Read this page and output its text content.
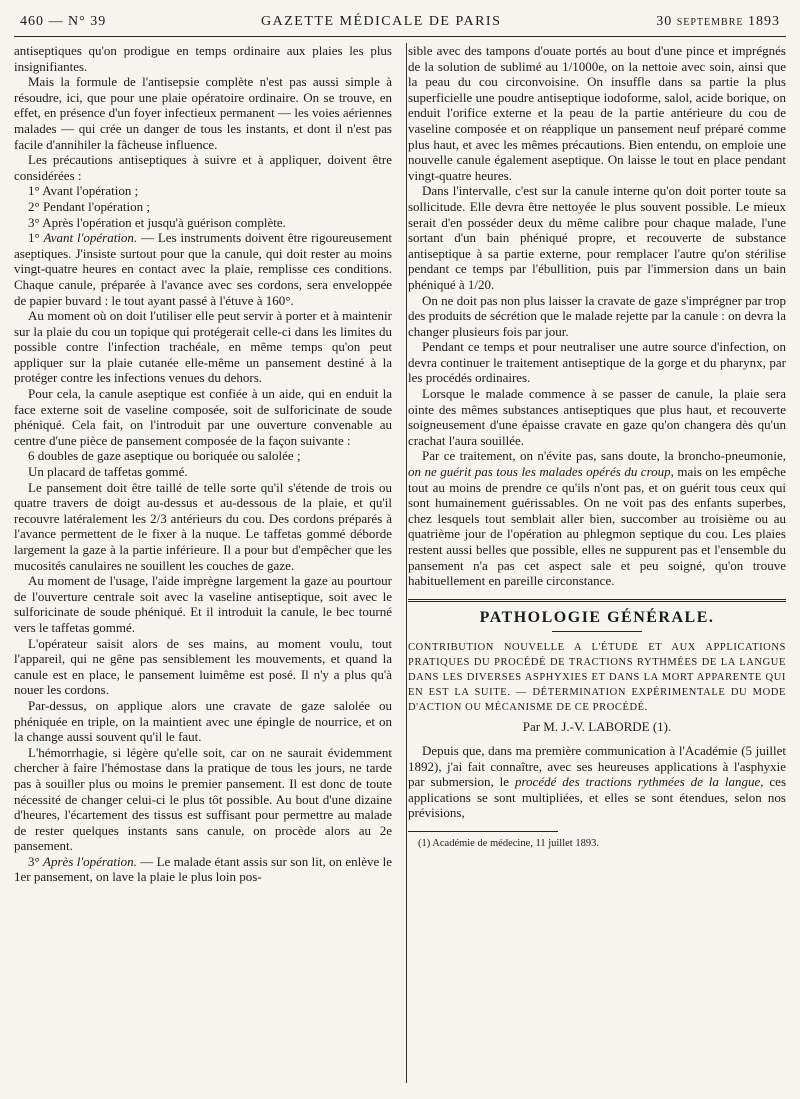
460 — N° 39	GAZETTE MÉDICALE DE PARIS	30 SEPTEMBRE 1893

antiseptiques qu'on prodigue en temps ordinaire aux plaies les plus insignifiantes.

Mais la formule de l'antisepsie complète n'est pas aussi simple à résoudre, ici, que pour une plaie opératoire ordinaire. On se trouve, en effet, en présence d'un foyer infectieux permanent — les voies aériennes malades — qui crée un danger de tous les instants, et dont il n'est pas facile d'annihiler la fâcheuse influence.

Les précautions antiseptiques à suivre et à appliquer, doivent être considérées :

1° Avant l'opération ;

2° Pendant l'opération ;

3° Après l'opération et jusqu'à guérison complète.

1° Avant l'opération. — Les instruments doivent être rigoureusement aseptiques. J'insiste surtout pour que la canule, qui doit rester au moins vingt-quatre heures en contact avec la plaie, remplisse ces conditions. Chaque canule, préparée à l'avance avec ses cordons, sera enveloppée de papier buvard : le tout ayant passé à l'étuve à 160°.

Au moment où on doit l'utiliser elle peut servir à porter et à maintenir sur la plaie du cou un topique qui protégerait celle-ci dans les limites du possible contre l'infection trachéale, en même temps qu'on peut appliquer sur la plaie cutanée elle-même un pansement destiné à la protéger contre les infections venues du dehors.

Pour cela, la canule aseptique est confiée à un aide, qui en enduit la face externe soit de vaseline composée, soit de sulforicinate de soude phéniqué. Cela fait, on l'introduit par une ouverture convenable au centre d'une pièce de pansement composée de la façon suivante :

6 doubles de gaze aseptique ou boriquée ou salolée ;

Un placard de taffetas gommé.

Le pansement doit être taillé de telle sorte qu'il s'étende de trois ou quatre travers de doigt au-dessus et au-dessous de la plaie, et qu'il recouvre latéralement les 2/3 antérieurs du cou. Des cordons préparés à l'avance permettent de le fixer à la nuque. Le taffetas gommé déborde largement la gaze à la partie inférieure. Il a pour but d'empêcher que les mucosités canulaires ne souillent les couches de gaze.

Au moment de l'usage, l'aide imprègne largement la gaze au pourtour de l'ouverture centrale soit avec la vaseline antiseptique, soit avec le sulforicinate de soude phéniqué. Et il introduit la canule, le bec tourné vers le taffetas gommé.

L'opérateur saisit alors de ses mains, au moment voulu, tout l'appareil, qui ne gêne pas sensiblement les mouvements, et quand la canule est en place, le pansement luimême est posé. Il n'y a plus qu'à nouer les cordons.

Par-dessus, on applique alors une cravate de gaze salolée ou phéniquée en triple, on la maintient avec une épingle de nourrice, et on la change aussi souvent qu'il le faut.

L'hémorrhagie, si légère qu'elle soit, car on ne saurait évidemment chercher à faire l'hémostase dans la pratique de tous les jours, ne tarde pas à souiller plus ou moins le premier pansement. Il est donc de toute nécessité de changer celui-ci le plus tôt possible. Au bout d'une dizaine d'heures, l'écartement des tissus est suffisant pour permettre au malade de rester quelques instants sans canule, on procède alors au 2e pansement.

3° Après l'opération. — Le malade étant assis sur son lit, on enlève le 1er pansement, on lave la plaie le plus loin pos-

sible avec des tampons d'ouate portés au bout d'une pince et imprégnés de la solution de sublimé au 1/1000e, on la nettoie avec soin, ainsi que la peau du cou circonvoisine. On insuffle dans sa partie la plus superficielle une poudre antiseptique iodoforme, salol, acide borique, on enduit l'orifice externe et la peau de la partie antérieure du cou de vaseline composée et on réapplique un pansement neuf préparé comme plus haut, et avec les mêmes précautions. Bien entendu, on emploie une nouvelle canule également aseptique. On laisse le tout en place pendant vingt-quatre heures.

Dans l'intervalle, c'est sur la canule interne qu'on doit porter toute sa sollicitude. Elle devra être nettoyée le plus souvent possible. Le mieux serait d'en posséder deux du même calibre pour chaque malade, l'une sortant d'un bain phéniqué propre, et recouverte de substance antiseptique à sa partie externe, pour remplacer l'autre qu'on stérilise pendant ce temps par l'ébullition, puis par l'immersion dans un bain phéniqué à 1/20.

On ne doit pas non plus laisser la cravate de gaze s'imprégner par trop des produits de sécrétion que le malade rejette par la canule : on devra la changer plusieurs fois par jour.

Pendant ce temps et pour neutraliser une autre source d'infection, on devra continuer le traitement antiseptique de la gorge et du pharynx, par les procédés ordinaires.

Lorsque le malade commence à se passer de canule, la plaie sera ointe des mêmes substances antiseptiques que plus haut, et recouverte soigneusement d'une épaisse cravate en gaze qu'on changera dès qu'un crachat l'aura souillée.

Par ce traitement, on n'évite pas, sans doute, la broncho-pneumonie, on ne guérit pas tous les malades opérés du croup, mais on les empêche tout au moins de prendre ce qu'ils n'ont pas, et on guérit tous ceux qui sont humainement guérissables. On ne voit pas des enfants superbes, chez lesquels tout semblait aller bien, succomber au troisième ou au quatrième jour de l'opération au phlegmon septique du cou. Les plaies restent aussi belles que possible, elles ne suppurent pas et l'ensemble du pansement n'a pas cet aspect sale et peu soigné, qu'on trouve habituellement en pareille circonstance.

PATHOLOGIE GÉNÉRALE.
CONTRIBUTION NOUVELLE A L'ÉTUDE ET AUX APPLICATIONS PRATIQUES DU PROCÉDÉ DE TRACTIONS RYTHMÉES DE LA LANGUE DANS LES DIVERSES ASPHYXIES ET DANS LA MORT APPARENTE QUI EN EST LA SUITE. — DÉTERMINATION EXPÉRIMENTALE DU MODE D'ACTION OU MÉCANISME DE CE PROCÉDÉ.
Par M. J.-V. LABORDE (1).

Depuis que, dans ma première communication à l'Académie (5 juillet 1892), j'ai fait connaître, avec ses heureuses applications à l'asphyxie par submersion, le procédé des tractions rythmées de la langue, ces applications se sont multipliées, et elles se sont étendues, selon nos prévisions,

(1) Académie de médecine, 11 juillet 1893.
